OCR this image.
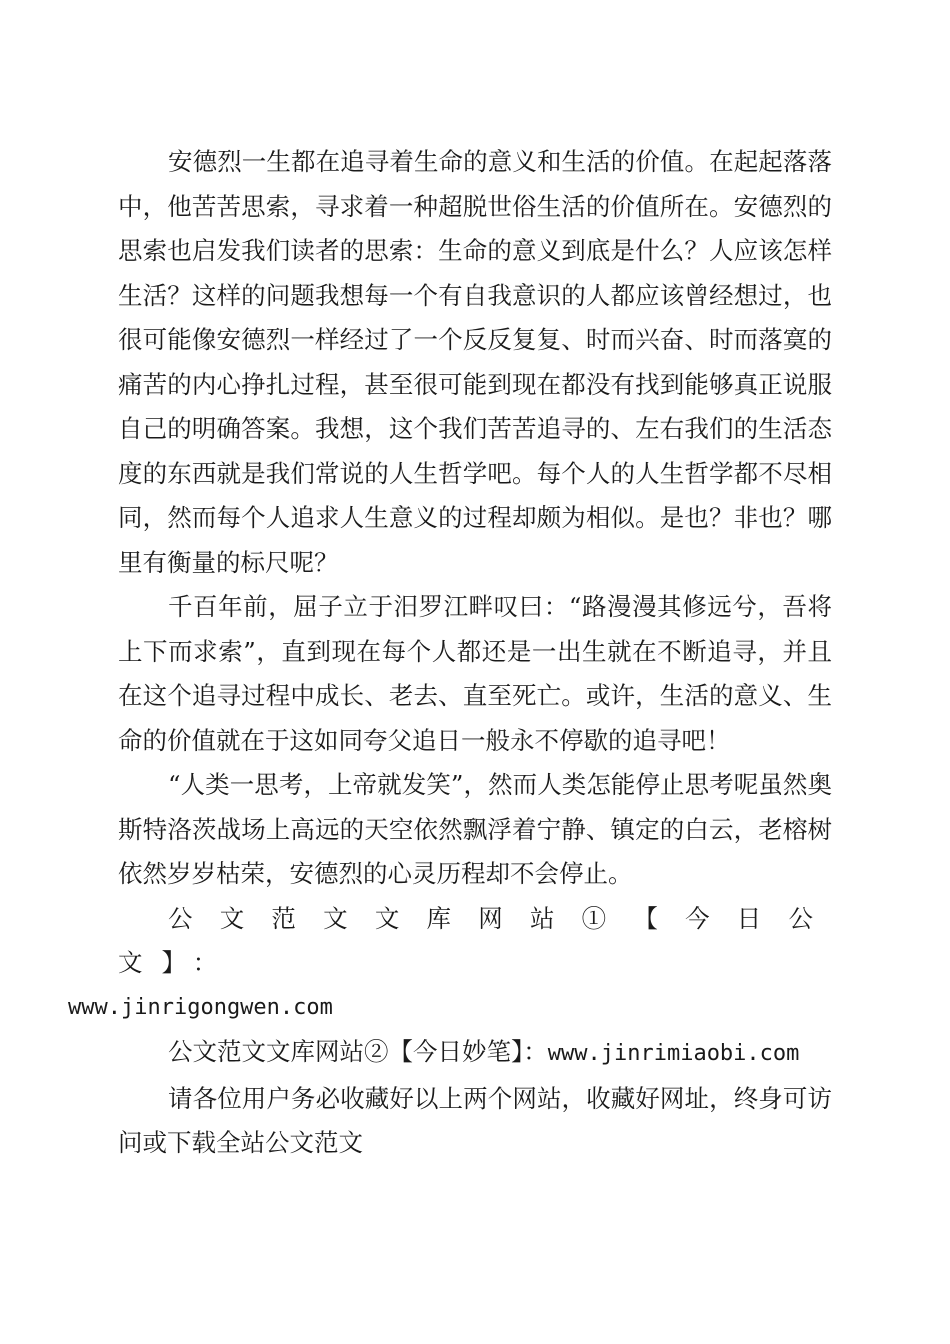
安德烈一生都在追寻着生命的意义和生活的价值。在起起落落中，他苦苦思索，寻求着一种超脱世俗生活的价值所在。安德烈的思索也启发我们读者的思索：生命的意义到底是什么？人应该怎样生活？这样的问题我想每一个有自我意识的人都应该曾经想过，也很可能像安德烈一样经过了一个反反复复、时而兴奋、时而落寞的痛苦的内心挣扎过程，甚至很可能到现在都没有找到能够真正说服自己的明确答案。我想，这个我们苦苦追寻的、左右我们的生活态度的东西就是我们常说的人生哲学吧。每个人的人生哲学都不尽相同，然而每个人追求人生意义的过程却颇为相似。是也？非也？哪里有衡量的标尺呢？

千百年前，屈子立于汨罗江畔叹曰：“路漫漫其修远兮，吾将上下而求索”，直到现在每个人都还是一出生就在不断追寻，并且在这个追寻过程中成长、老去、直至死亡。或许，生活的意义、生命的价值就在于这如同夸父追日一般永不停歇的追寻吧！

“人类一思考，上帝就发笑”，然而人类怎能停止思考呢虽然奥斯特洛茨战场上高远的天空依然飘浮着宁静、镇定的白云，老榕树依然岁岁枯荣，安德烈的心灵历程却不会停止。

公文范文文库网站①【今日公文】：

www.jinrigongwen.com

公文范文文库网站②【今日妙笔】：www.jinrimiaobi.com

请各位用户务必收藏好以上两个网站，收藏好网址，终身可访问或下载全站公文范文
